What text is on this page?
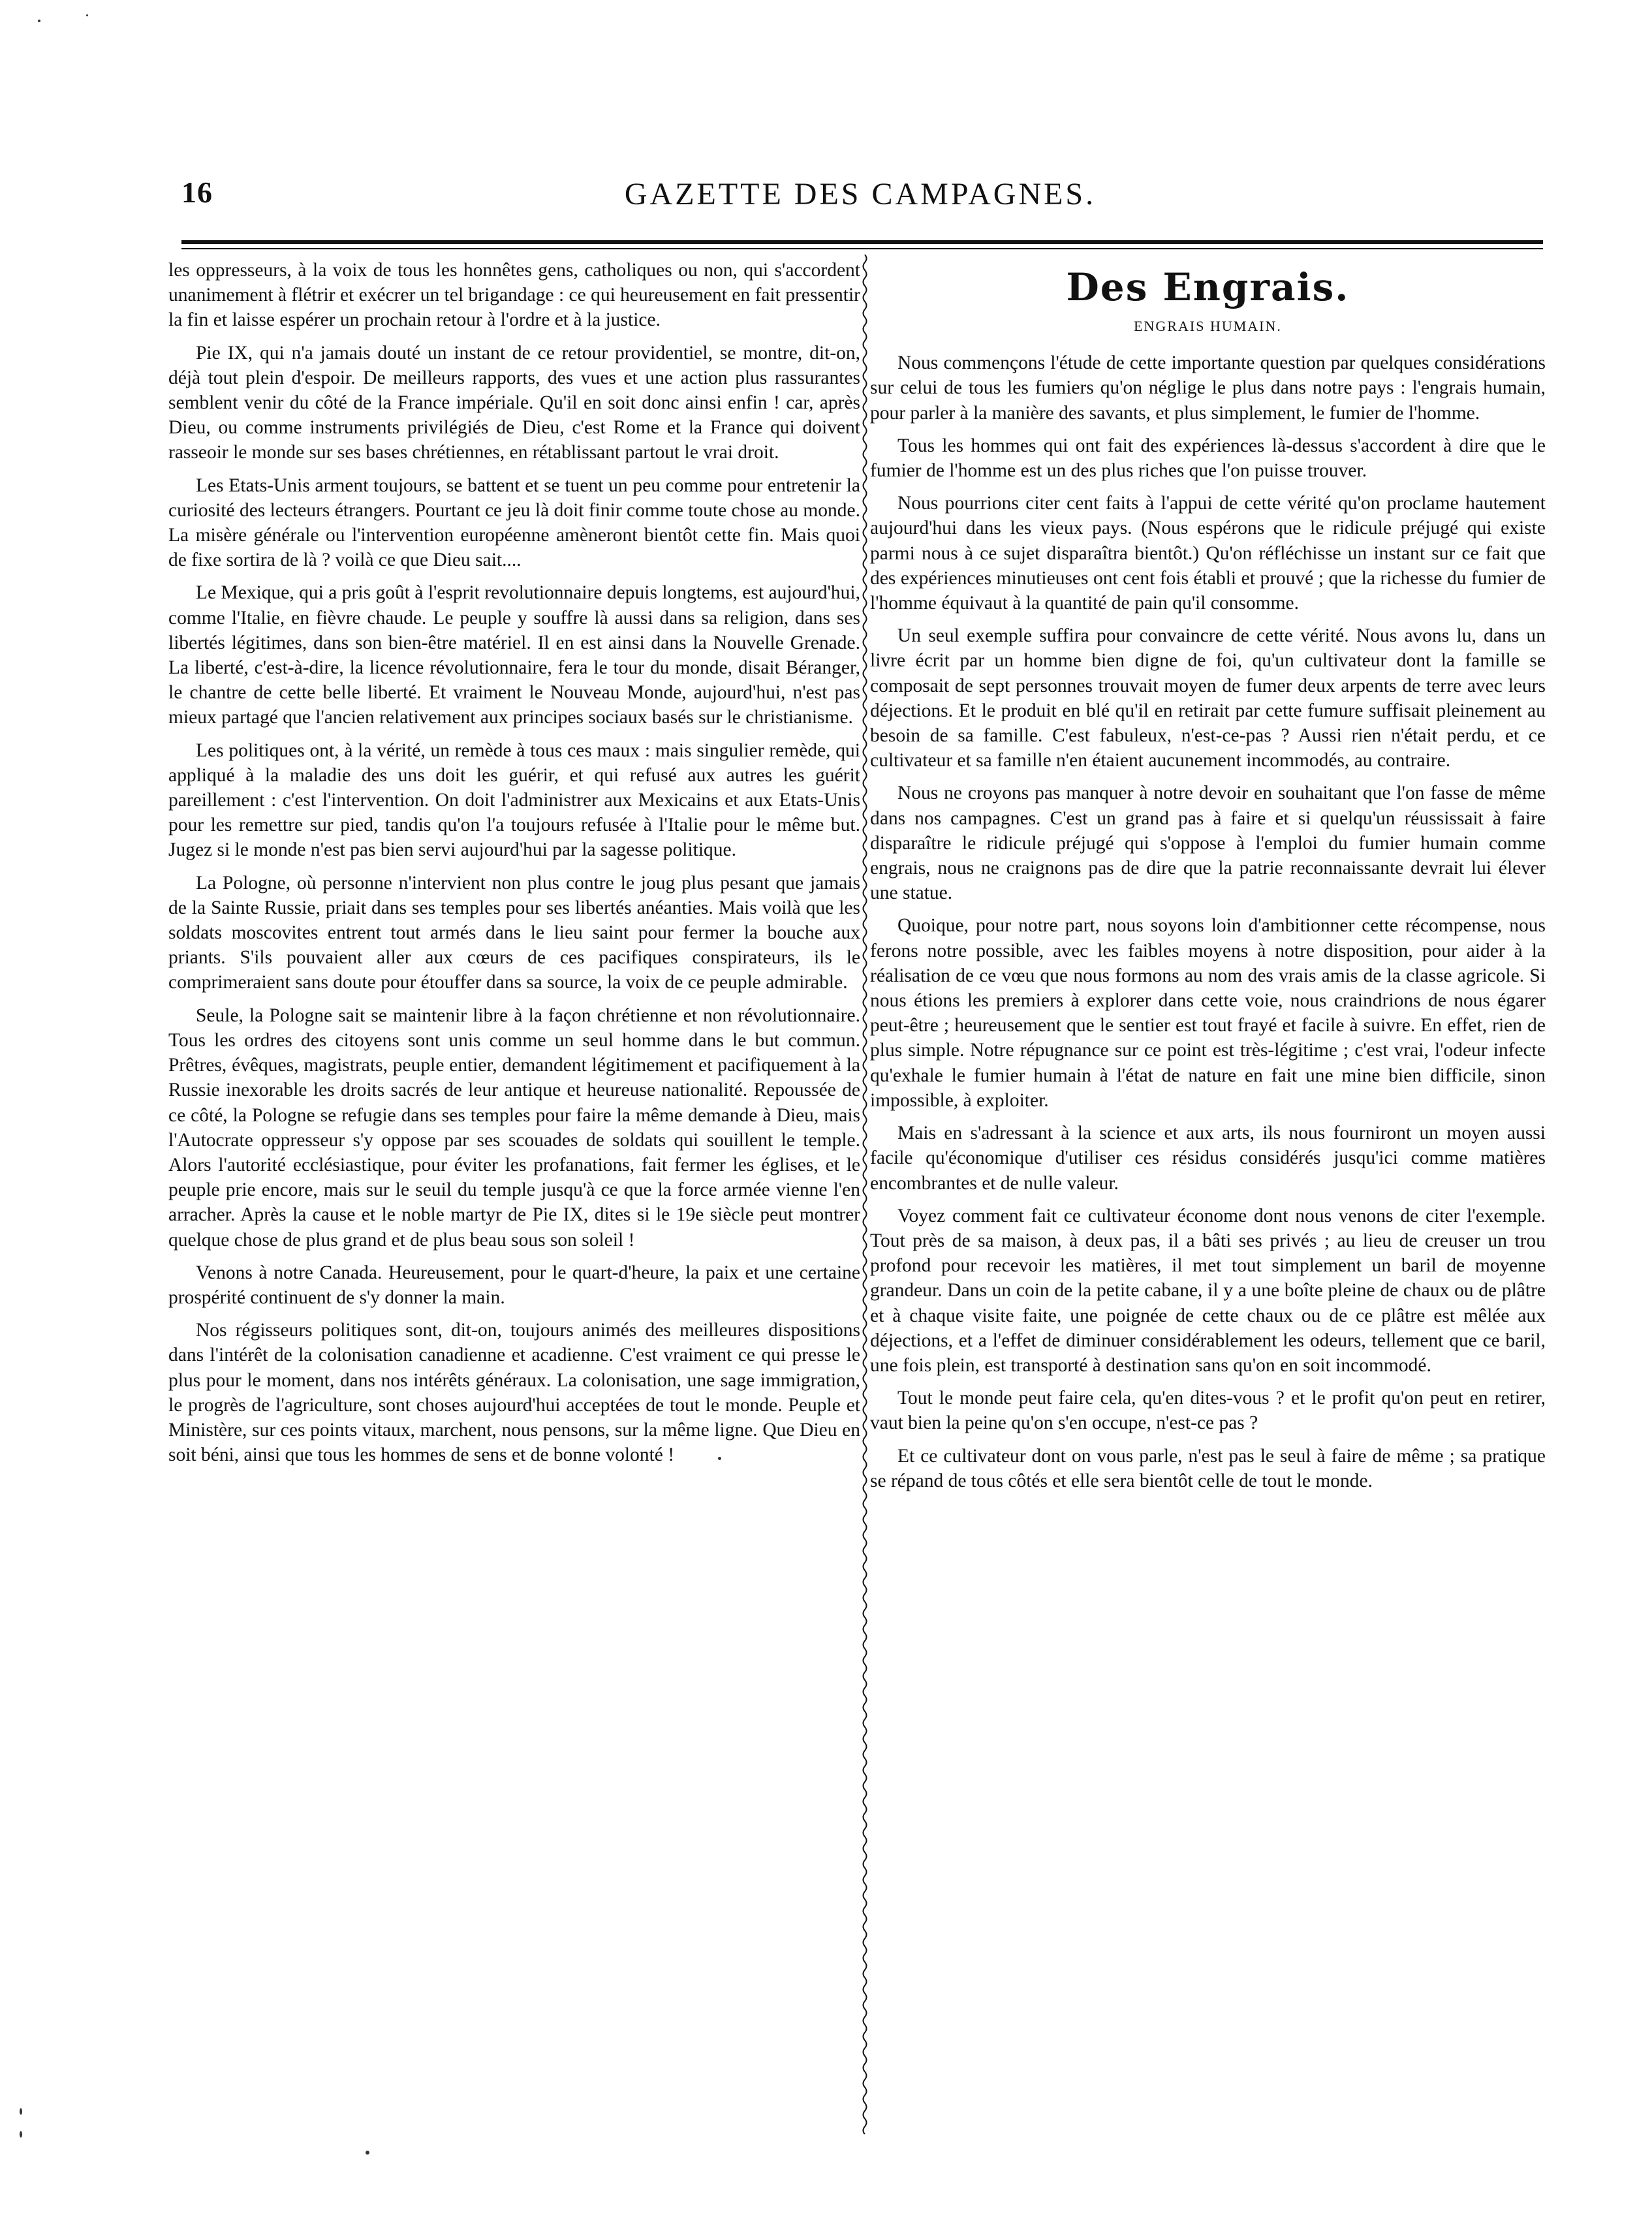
16	GAZETTE DES CAMPAGNES.

les oppresseurs, à la voix de tous les honnêtes gens, catholiques ou non, qui s'accordent unanimement à flétrir et exécrer un tel brigandage : ce qui heureusement en fait pressentir la fin et laisse espérer un prochain retour à l'ordre et à la justice.

Pie IX, qui n'a jamais douté un instant de ce retour providentiel, se montre, dit-on, déjà tout plein d'espoir. De meilleurs rapports, des vues et une action plus rassurantes semblent venir du côté de la France impériale. Qu'il en soit donc ainsi enfin ! car, après Dieu, ou comme instruments privilégiés de Dieu, c'est Rome et la France qui doivent rasseoir le monde sur ses bases chrétiennes, en rétablissant partout le vrai droit.

Les Etats-Unis arment toujours, se battent et se tuent un peu comme pour entretenir la curiosité des lecteurs étrangers. Pourtant ce jeu là doit finir comme toute chose au monde. La misère générale ou l'intervention européenne amèneront bientôt cette fin. Mais quoi de fixe sortira de là ? voilà ce que Dieu sait....

Le Mexique, qui a pris goût à l'esprit revolutionnaire depuis longtems, est aujourd'hui, comme l'Italie, en fièvre chaude. Le peuple y souffre là aussi dans sa religion, dans ses libertés légitimes, dans son bien-être matériel. Il en est ainsi dans la Nouvelle Grenade. La liberté, c'est-à-dire, la licence révolutionnaire, fera le tour du monde, disait Béranger, le chantre de cette belle liberté. Et vraiment le Nouveau Monde, aujourd'hui, n'est pas mieux partagé que l'ancien relativement aux principes sociaux basés sur le christianisme.

Les politiques ont, à la vérité, un remède à tous ces maux : mais singulier remède, qui appliqué à la maladie des uns doit les guérir, et qui refusé aux autres les guérit pareillement : c'est l'intervention. On doit l'administrer aux Mexicains et aux Etats-Unis pour les remettre sur pied, tandis qu'on l'a toujours refusée à l'Italie pour le même but. Jugez si le monde n'est pas bien servi aujourd'hui par la sagesse politique.

La Pologne, où personne n'intervient non plus contre le joug plus pesant que jamais de la Sainte Russie, priait dans ses temples pour ses libertés anéanties. Mais voilà que les soldats moscovites entrent tout armés dans le lieu saint pour fermer la bouche aux priants. S'ils pouvaient aller aux cœurs de ces pacifiques conspirateurs, ils le comprimeraient sans doute pour étouffer dans sa source, la voix de ce peuple admirable.

Seule, la Pologne sait se maintenir libre à la façon chrétienne et non révolutionnaire. Tous les ordres des citoyens sont unis comme un seul homme dans le but commun. Prêtres, évêques, magistrats, peuple entier, demandent légitimement et pacifiquement à la Russie inexorable les droits sacrés de leur antique et heureuse nationalité. Repoussée de ce côté, la Pologne se refugie dans ses temples pour faire la même demande à Dieu, mais l'Autocrate oppresseur s'y oppose par ses scouades de soldats qui souillent le temple. Alors l'autorité ecclésiastique, pour éviter les profanations, fait fermer les églises, et le peuple prie encore, mais sur le seuil du temple jusqu'à ce que la force armée vienne l'en arracher. Après la cause et le noble martyr de Pie IX, dites si le 19e siècle peut montrer quelque chose de plus grand et de plus beau sous son soleil !

Venons à notre Canada. Heureusement, pour le quart-d'heure, la paix et une certaine prospérité continuent de s'y donner la main.

Nos régisseurs politiques sont, dit-on, toujours animés des meilleures dispositions dans l'intérêt de la colonisation canadienne et acadienne. C'est vraiment ce qui presse le plus pour le moment, dans nos intérêts généraux. La colonisation, une sage immigration, le progrès de l'agriculture, sont choses aujourd'hui acceptées de tout le monde. Peuple et Ministère, sur ces points vitaux, marchent, nous pensons, sur la même ligne. Que Dieu en soit béni, ainsi que tous les hommes de sens et de bonne volonté !

Des Engrais.
ENGRAIS HUMAIN.

Nous commençons l'étude de cette importante question par quelques considérations sur celui de tous les fumiers qu'on néglige le plus dans notre pays : l'engrais humain, pour parler à la manière des savants, et plus simplement, le fumier de l'homme.

Tous les hommes qui ont fait des expériences là-dessus s'accordent à dire que le fumier de l'homme est un des plus riches que l'on puisse trouver.

Nous pourrions citer cent faits à l'appui de cette vérité qu'on proclame hautement aujourd'hui dans les vieux pays. (Nous espérons que le ridicule préjugé qui existe parmi nous à ce sujet disparaîtra bientôt.) Qu'on réfléchisse un instant sur ce fait que des expériences minutieuses ont cent fois établi et prouvé ; que la richesse du fumier de l'homme équivaut à la quantité de pain qu'il consomme.

Un seul exemple suffira pour convaincre de cette vérité. Nous avons lu, dans un livre écrit par un homme bien digne de foi, qu'un cultivateur dont la famille se composait de sept personnes trouvait moyen de fumer deux arpents de terre avec leurs déjections. Et le produit en blé qu'il en retirait par cette fumure suffisait pleinement au besoin de sa famille. C'est fabuleux, n'est-ce-pas ? Aussi rien n'était perdu, et ce cultivateur et sa famille n'en étaient aucunement incommodés, au contraire.

Nous ne croyons pas manquer à notre devoir en souhaitant que l'on fasse de même dans nos campagnes. C'est un grand pas à faire et si quelqu'un réussissait à faire disparaître le ridicule préjugé qui s'oppose à l'emploi du fumier humain comme engrais, nous ne craignons pas de dire que la patrie reconnaissante devrait lui élever une statue.

Quoique, pour notre part, nous soyons loin d'ambitionner cette récompense, nous ferons notre possible, avec les faibles moyens à notre disposition, pour aider à la réalisation de ce vœu que nous formons au nom des vrais amis de la classe agricole. Si nous étions les premiers à explorer dans cette voie, nous craindrions de nous égarer peut-être ; heureusement que le sentier est tout frayé et facile à suivre. En effet, rien de plus simple. Notre répugnance sur ce point est très-légitime ; c'est vrai, l'odeur infecte qu'exhale le fumier humain à l'état de nature en fait une mine bien difficile, sinon impossible, à exploiter.

Mais en s'adressant à la science et aux arts, ils nous fourniront un moyen aussi facile qu'économique d'utiliser ces résidus considérés jusqu'ici comme matières encombrantes et de nulle valeur.

Voyez comment fait ce cultivateur économe dont nous venons de citer l'exemple. Tout près de sa maison, à deux pas, il a bâti ses privés ; au lieu de creuser un trou profond pour recevoir les matières, il met tout simplement un baril de moyenne grandeur. Dans un coin de la petite cabane, il y a une boîte pleine de chaux ou de plâtre et à chaque visite faite, une poignée de cette chaux ou de ce plâtre est mêlée aux déjections, et a l'effet de diminuer considérablement les odeurs, tellement que ce baril, une fois plein, est transporté à destination sans qu'on en soit incommodé.

Tout le monde peut faire cela, qu'en dites-vous ? et le profit qu'on peut en retirer, vaut bien la peine qu'on s'en occupe, n'est-ce pas ?

Et ce cultivateur dont on vous parle, n'est pas le seul à faire de même ; sa pratique se répand de tous côtés et elle sera bientôt celle de tout le monde.
